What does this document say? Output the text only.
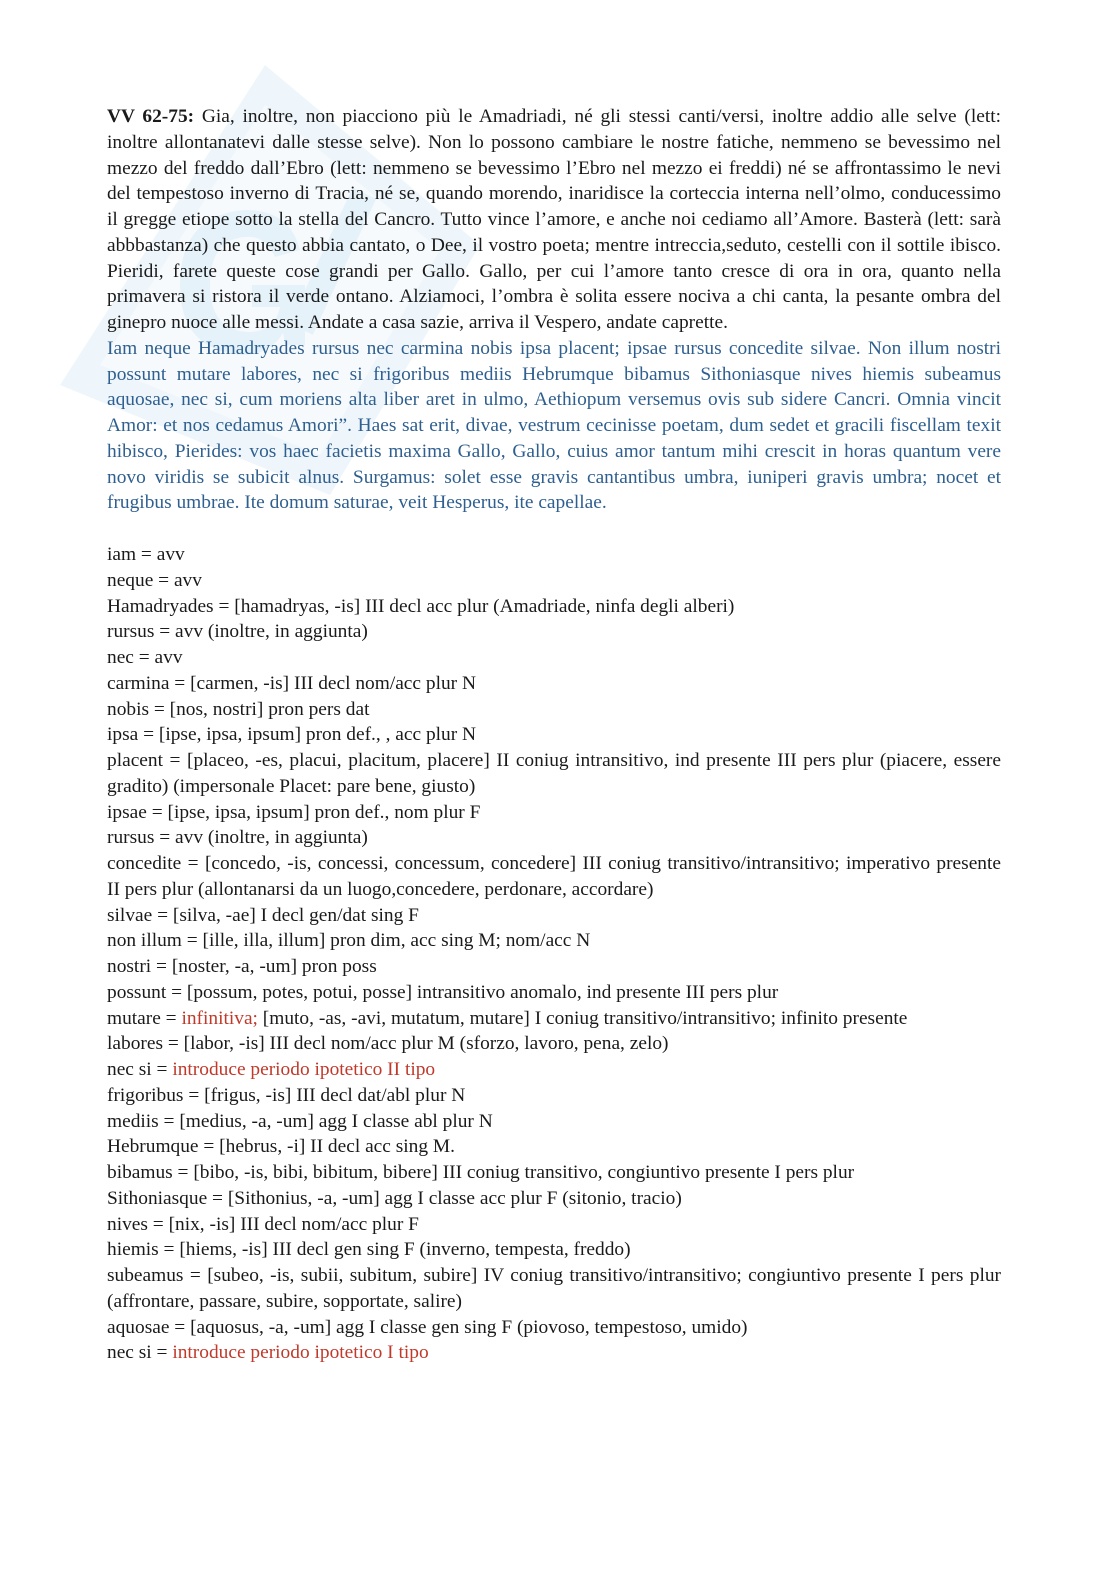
VV 62-75: Gia, inoltre, non piacciono più le Amadriadi, né gli stessi canti/versi, inoltre addio alle selve (lett: inoltre allontanatevi dalle stesse selve). Non lo possono cambiare le nostre fatiche, nemmeno se bevessimo nel mezzo del freddo dall’Ebro (lett: nemmeno se bevessimo l’Ebro nel mezzo ei freddi) né se affrontassimo le nevi del tempestoso inverno di Tracia, né se, quando morendo, inaridisce la corteccia interna nell’olmo, conducessimo il gregge etiope sotto la stella del Cancro. Tutto vince l’amore, e anche noi cediamo all’Amore. Basterà (lett: sarà abbbastanza) che questo abbia cantato, o Dee, il vostro poeta; mentre intreccia,seduto, cestelli con il sottile ibisco. Pieridi, farete queste cose grandi per Gallo. Gallo, per cui l’amore tanto cresce di ora in ora, quanto nella primavera si ristora il verde ontano. Alziamoci, l’ombra è solita essere nociva a chi canta, la pesante ombra del ginepro nuoce alle messi. Andate a casa sazie, arriva il Vespero, andate caprette.

Iam neque Hamadryades rursus nec carmina nobis ipsa placent; ipsae rursus concedite silvae. Non illum nostri possunt mutare labores, nec si frigoribus mediis Hebrumque bibamus Sithoniasque nives hiemis subeamus aquosae, nec si, cum moriens alta liber aret in ulmo, Aethiopum versemus ovis sub sidere Cancri. Omnia vincit Amor: et nos cedamus Amori”. Haes sat erit, divae, vestrum cecinisse poetam, dum sedet et gracili fiscellam texit hibisco, Pierides: vos haec facietis maxima Gallo, Gallo, cuius amor tantum mihi crescit in horas quantum vere novo viridis se subicit alnus. Surgamus: solet esse gravis cantantibus umbra, iuniperi gravis umbra; nocet et frugibus umbrae. Ite domum saturae, veit Hesperus, ite capellae.

iam = avv

neque = avv

Hamadryades = [hamadryas, -is] III decl acc plur (Amadriade, ninfa degli alberi)

rursus = avv (inoltre, in aggiunta)

nec = avv

carmina = [carmen, -is] III decl nom/acc plur N

nobis = [nos, nostri] pron pers dat

ipsa = [ipse, ipsa, ipsum] pron def., , acc plur N

placent = [placeo, -es, placui, placitum, placere] II coniug intransitivo, ind presente III pers plur (piacere, essere gradito) (impersonale Placet: pare bene, giusto)

ipsae = [ipse, ipsa, ipsum] pron def., nom plur F

rursus = avv (inoltre, in aggiunta)

concedite = [concedo, -is, concessi, concessum, concedere] III coniug transitivo/intransitivo; imperativo presente II pers plur (allontanarsi da un luogo,concedere, perdonare, accordare)

silvae = [silva, -ae] I decl gen/dat sing F

non illum = [ille, illa, illum] pron dim, acc sing M; nom/acc N

nostri = [noster, -a, -um] pron poss

possunt = [possum, potes, potui, posse] intransitivo anomalo, ind presente III pers plur

mutare = infinitiva; [muto, -as, -avi, mutatum, mutare] I coniug transitivo/intransitivo; infinito presente

labores = [labor, -is] III decl nom/acc plur M (sforzo, lavoro, pena, zelo)

nec si = introduce periodo ipotetico II tipo

frigoribus = [frigus, -is] III decl dat/abl plur N

mediis = [medius, -a, -um] agg I classe abl plur N

Hebrumque = [hebrus, -i] II decl acc sing M.

bibamus = [bibo, -is, bibi, bibitum, bibere] III coniug transitivo, congiuntivo presente I pers plur

Sithoniasque = [Sithonius, -a, -um] agg I classe acc plur F (sitonio, tracio)

nives = [nix, -is] III decl nom/acc plur F

hiemis = [hiems, -is] III decl gen sing F (inverno, tempesta, freddo)

subeamus = [subeo, -is, subii, subitum, subire] IV coniug transitivo/intransitivo; congiuntivo presente I pers plur (affrontare, passare, subire, sopportate, salire)

aquosae = [aquosus, -a, -um] agg I classe gen sing F (piovoso, tempestoso, umido)

nec si = introduce periodo ipotetico I tipo
